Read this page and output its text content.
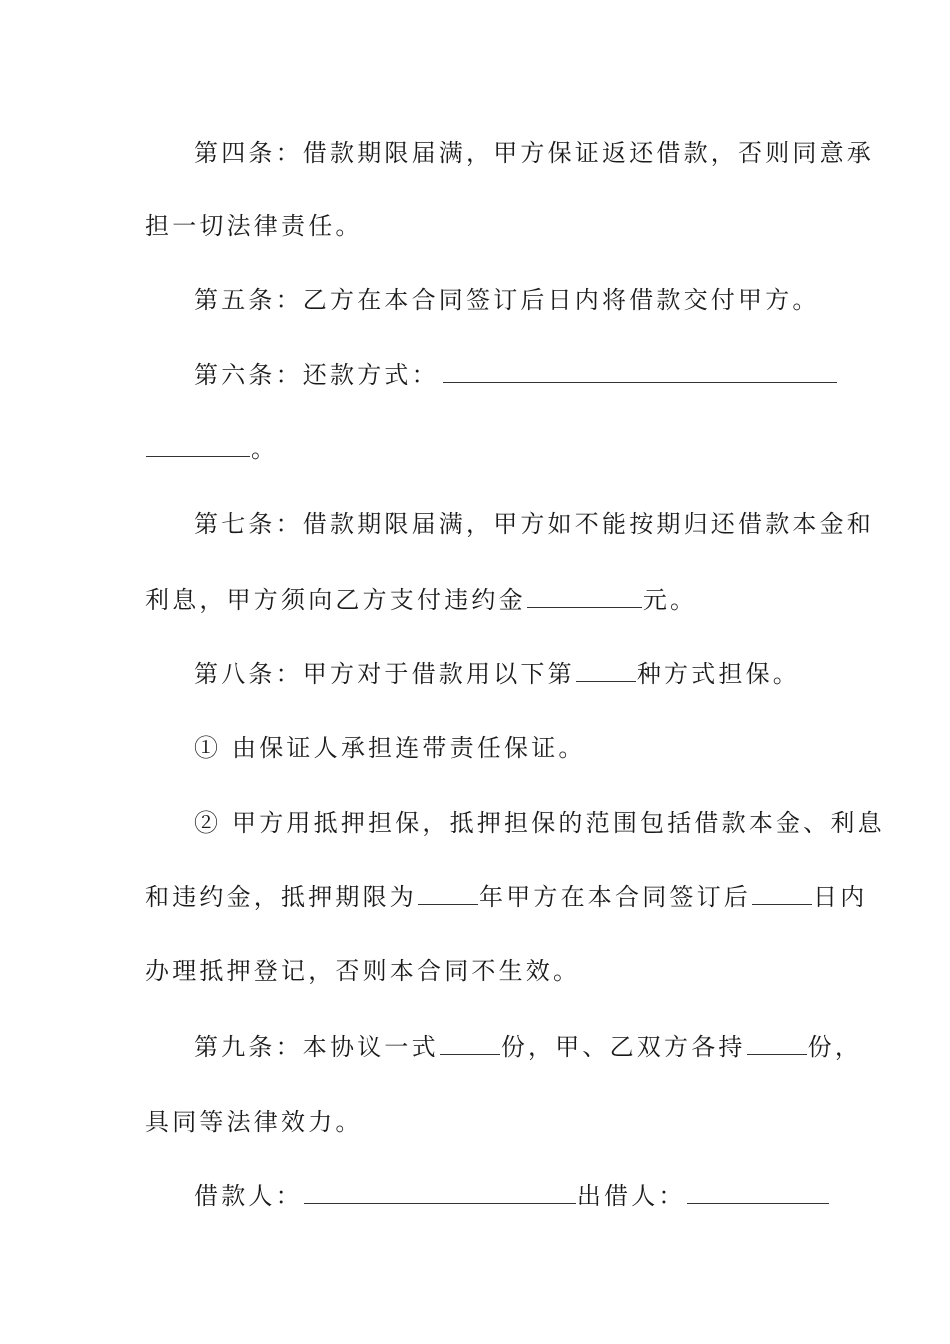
第四条：借款期限届满，甲方保证返还借款，否则同意承
担一切法律责任。
第五条：乙方在本合同签订后日内将借款交付甲方。
第六条：还款方式：
。
第七条：借款期限届满，甲方如不能按期归还借款本金和
利息，甲方须向乙方支付违约金	元。
第八条：甲方对于借款用以下第	种方式担保。
① 由保证人承担连带责任保证。
② 甲方用抵押担保，抵押担保的范围包括借款本金、利息
和违约金，抵押期限为	年甲方在本合同签订后	日内
办理抵押登记，否则本合同不生效。
第九条：本协议一式	份，甲、乙双方各持	份，
具同等法律效力。
借款人：	出借人：
